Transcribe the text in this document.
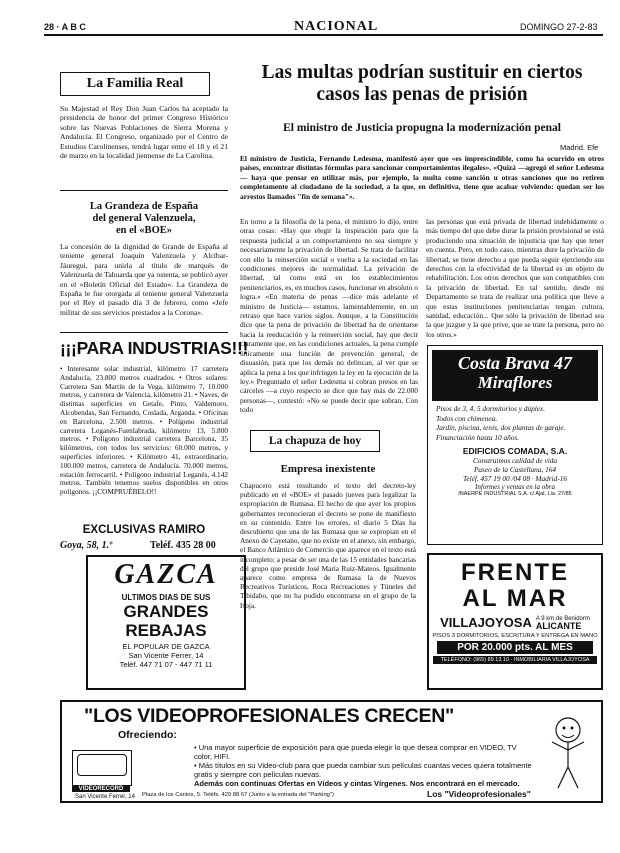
28 · A B C	NACIONAL	DOMINGO 27-2-83
La Familia Real
Su Majestad el Rey Don Juan Carlos ha aceptado la presidencia de honor del primer Congreso Histórico sobre las Nuevas Poblaciones de Sierra Morena y Andalucía. El Congreso, organizado por el Centro de Estudios Carolinenses, tendrá lugar entre el 18 y el 21 de marzo en la localidad jiennense de La Carolina.
La Grandeza de España
del general Valenzuela,
en el «BOE»
La concesión de la dignidad de Grande de España al teniente general Joaquín Valenzuela y Alcíbar-Jáuregui, para unirla al título de marqués de Valenzuela de Tahuarda que ya ostenta, se publicó ayer en el «Boletín Oficial del Estado». La Grandeza de España le fue otorgada al teniente general Valenzuela por el Rey el pasado día 3 de febrero, como «Jefe militar de sus servicios prestados a la Corona».
¡¡¡PARA INDUSTRIAS!!!
• Interesante solar industrial, kilómetro 17 carretera Andalucía, 23.800 metros cuadrados. • Otros solares: Carretera San Martín de la Vega, kilómetro 7, 10.000 metros, y carretera de Valencia, kilómetro 21. • Naves, de distintas superficies en Getafe, Pinto, Valdemoro, Alcobendas, San Fernando, Coslada, Arganda. • Oficinas en Barcelona, 2.500 metros. • Polígono industrial carretera Leganés-Fuenlabrada, kilómetro 13, 5.800 metros. • Polígono industrial carretera Barcelona, 35 kilómetros, con todos los servicios: 60.000 metros, y superficies inferiores. • Kilómetro 41, extraordinario, 100.000 metros, carretera de Andalucía. 70.000 metros, estación ferrocarril. • Polígono industrial Leganés, 4.142 metros. También tenemos suelos disponibles en otros polígonos. ¡¡COMPRUÉBELO!!
EXCLUSIVAS RAMIRO
Goya, 58, 1.º	Teléf. 435 28 00
GAZCA
ULTIMOS DIAS DE SUS
GRANDES
REBAJAS
EL POPULAR DE GAZCA
San Vicente Ferrer, 14
Teléf. 447 71 07 - 447 71 11
Las multas podrían sustituir en ciertos
casos las penas de prisión
El ministro de Justicia propugna la modernización penal
Madrid. Efe
El ministro de Justicia, Fernando Ledesma, manifestó ayer que «es imprescindible, como ha ocurrido en otros países, encontrar distintas fórmulas para sancionar comportamientos ilegales». «Quizá —agregó el señor Ledesma— haya que pensar en utilizar más, por ejemplo, la multa como sanción u otras sanciones que no retiren completamente al ciudadano de la sociedad, a la que, en definitiva, tiene que acabar volviendo: quedan ser los arrestos llamados "fin de semana"».
En torno a la filosofía de la pena, el ministro lo dijo, entre otras cosas: «Hay que elegir la inspiración para que la respuesta judicial a un comportamiento no sea siempre y necesariamente la privación de libertad. Se trata de facilitar con ello la reinserción social o vuelta a la sociedad en las condiciones mejores de normalidad. La privación de libertad, tal como está en los establecimientos penitenciarios, es, en muchos casos, funcionar en absoluto o logra.» «En materia de penas —dice más adelante el ministro de Justicia— estamos, lamentablemente, en un retraso que hace varios siglos. Aunque, a la Constitución dice que la pena de privación de libertad ha de orientarse hacia la reeducación y la reinserción social, hay que decir claramente que, en las condiciones actuales, la pena cumple únicamente una función de prevención general, de disuasión, para que los demás no delincan, al ver que se aplica la pena a los que infringen la ley en la ejecución de la ley.» Preguntado el señor Ledesma si cobran presos en las cárceles —a cuyo respecto se dice que hay más de 22.000 personas—, contestó: «No se puede decir que sobran. Con todo
las personas que está privada de libertad indebidamente o más tiempo del que debe durar la prisión provisional se está produciendo una situación de injusticia que hay que tener en cuenta. Pero, en todo caso, mientras dure la privación de libertad, se tiene derecho a que pueda seguir ejerciendo sus derechos con la efectividad de la libertad es un objeto de rehabilitación. Los otros derechos que son compatibles con la privación de libertad. En tal sentido, desde mi Departamento se trata de realizar una política que lleve a que estas instituciones penitenciarias tengan cultura, sanidad, educación... Que sólo la privación de libertad sea la que juzgue y la que prive, que se trate la persona, pero no los otros.»
La chapuza de hoy
Empresa inexistente
Chapucero está resultando el texto del decreto-ley publicado en el «BOE» el pasado jueves para legalizar la expropiación de Rumasa. El hecho de que ayer los propios gobernantes reconocieran el decreto se pone de manifiesto en su contenido. Entre los errores, el diario 5 Días ha descubierto que una de las Rumasa que se expropian en el Anexo de Cayetano, que no existe en el anexo, sin embargo, el Banco Atlántico de Comercio que aparece en el texto está incompleto; a pesar de ser una de las 15 entidades bancarias del grupo que preside José María Ruiz-Mateos. Igualmente aparece como empresa de Rumasa la de Nuevos Recreativos Turísticos, Roca Recreaciones y Túneles del Tibidabo, que no ha podido encontrarse en el grupo de la Hoja.
Costa Brava 47
Miraflores
Pisos de 3, 4, 5 dormitorios y dúplex.
Todos con chimenea.
Jardín, piscina, tenis, dos plantas de garaje.
Financiación hasta 10 años.
EDIFICIOS COMADA, S.A.
Construimos calidad de vida
Paseo de la Castellana, 164
Teléf. 457 19 00 /04 08 · Madrid-16
Informes y ventas en la obra
INAERPE INDUSTRIAL S.A. c/ Ajal, Lia. 27/85
FRENTE
AL MAR
VILLAJOYOSA A 9 km de Benidorm
ALICANTE
PISOS 3 DORMITORIOS, ESCRITURA Y ENTREGA EN MANO
POR 20.000 pts. AL MES
TELÉFONO: (965) 89 13 10 · INMOBILIARIA VILLAJOYOSA
"LOS VIDEOPROFESIONALES CRECEN"
Ofreciendo:
VIDEORECORD
San Vicente Ferrer, 14
• Una mayor superficie de exposición para que pueda elegir lo que desea comprar en VIDEO, TV color, HIFI.
• Más títulos en su Video-club para que pueda cambiar sus películas cuantas veces quiera totalmente gratis y siempre con películas nuevas.
Además con continuas Ofertas en Vídeos y cintas Vírgenes. Nos encontrará en el mercado.
Plaza de los Cantos, 5. Teléfs. 429 88 67 (Junto a la entrada del "Parking")	Los "Videoprofesionales"
